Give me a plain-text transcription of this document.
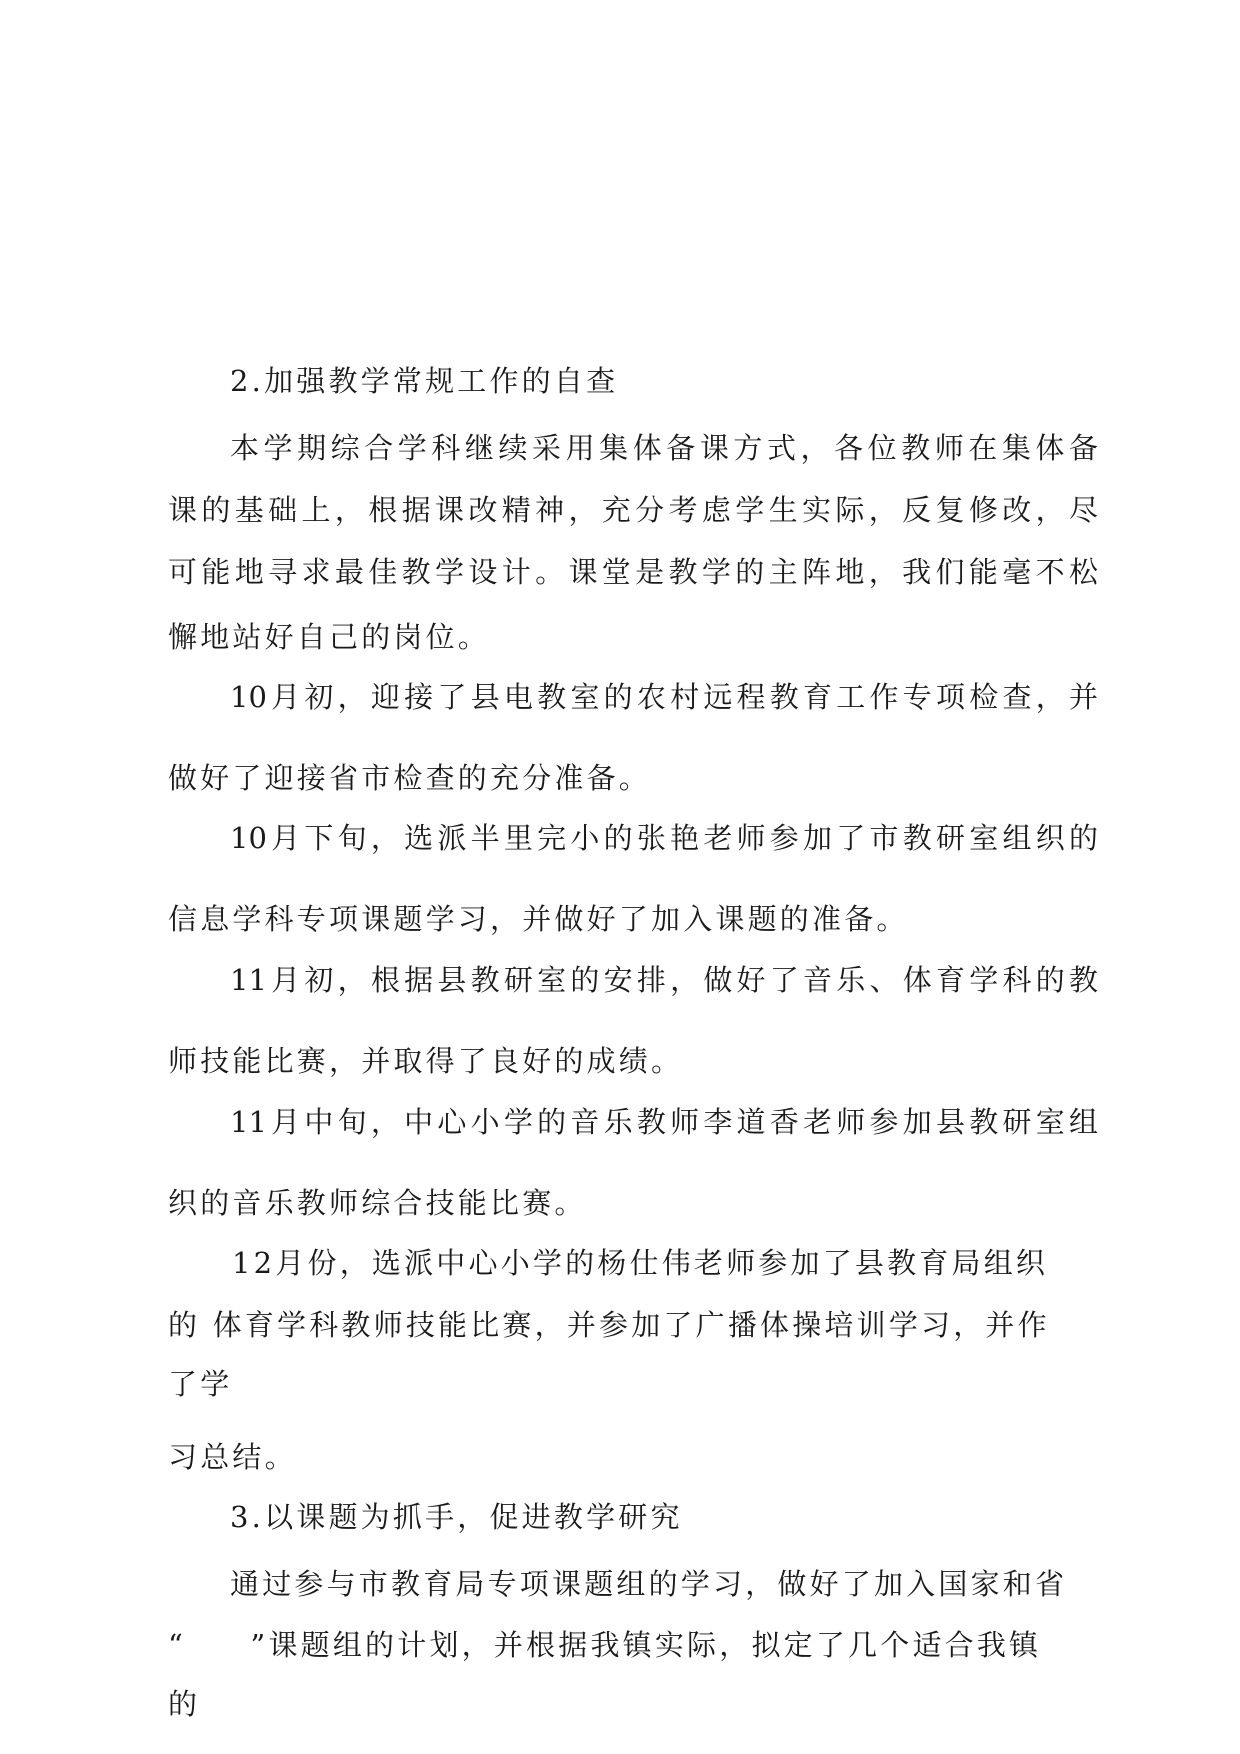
2.加强教学常规工作的自查
本学期综合学科继续采用集体备课方式，各位教师在集体备
课的基础上，根据课改精神，充分考虑学生实际，反复修改，尽
可能地寻求最佳教学设计。课堂是教学的主阵地，我们能毫不松
懈地站好自己的岗位。
10月初，迎接了县电教室的农村远程教育工作专项检查，并
做好了迎接省市检查的充分准备。
10月下旬，选派半里完小的张艳老师参加了市教研室组织的
信息学科专项课题学习，并做好了加入课题的准备。
11月初，根据县教研室的安排，做好了音乐、体育学科的教
师技能比赛，并取得了良好的成绩。
11月中旬，中心小学的音乐教师李道香老师参加县教研室组
织的音乐教师综合技能比赛。
12月份，选派中心小学的杨仕伟老师参加了县教育局组织
的 体育学科教师技能比赛，并参加了广播体操培训学习，并作
了学
习总结。
3.以课题为抓手，促进教学研究
通过参与市教育局专项课题组的学习，做好了加入国家和省
“　　”课题组的计划，并根据我镇实际，拟定了几个适合我镇
的
